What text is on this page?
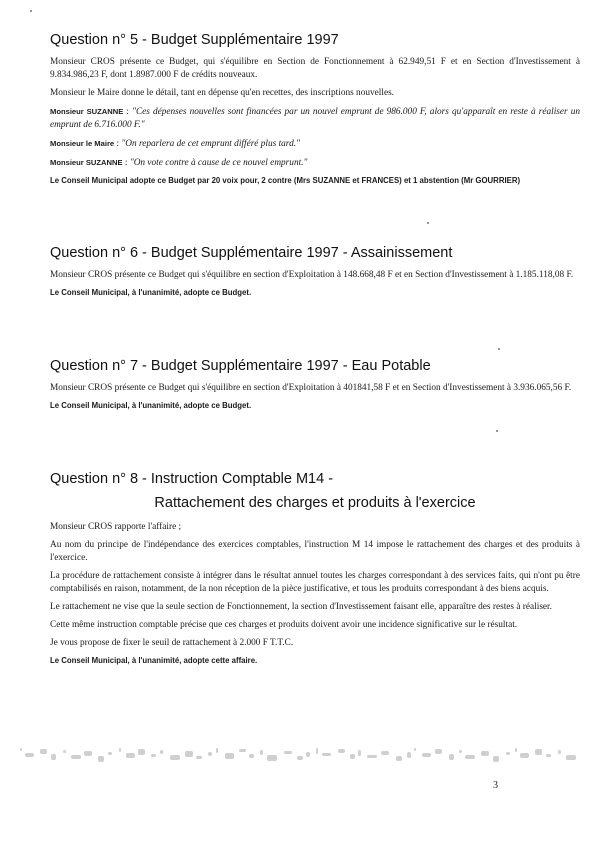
Question n° 5 - Budget Supplémentaire 1997

Monsieur CROS présente ce Budget, qui s'équilibre en Section de Fonctionnement à 62.949,51 F et en Section d'Investissement à 9.834.986,23 F, dont 1.8987.000 F de crédits nouveaux.

Monsieur le Maire donne le détail, tant en dépense qu'en recettes, des inscriptions nouvelles.

Monsieur SUZANNE : "Ces dépenses nouvelles sont financées par un nouvel emprunt de 986.000 F, alors qu'apparaît en reste à réaliser un emprunt de 6.716.000 F."

Monsieur le Maire : "On reparlera de cet emprunt différé plus tard."

Monsieur SUZANNE : "On vote contre à cause de ce nouvel emprunt."

Le Conseil Municipal adopte ce Budget par 20 voix pour, 2 contre (Mrs SUZANNE et FRANCES) et 1 abstention (Mr GOURRIER)

Question n° 6 - Budget Supplémentaire 1997 - Assainissement

Monsieur CROS présente ce Budget qui s'équilibre en section d'Exploitation à 148.668,48 F et en Section d'Investissement à 1.185.118,08 F.

Le Conseil Municipal, à l'unanimité, adopte ce Budget.

Question n° 7 - Budget Supplémentaire 1997 - Eau Potable

Monsieur CROS présente ce Budget qui s'équilibre en section d'Exploitation à 401841,58 F et en Section d'Investissement à 3.936.065,56 F.

Le Conseil Municipal, à l'unanimité, adopte ce Budget.

Question n° 8 - Instruction Comptable M14 -
Rattachement des charges et produits à l'exercice

Monsieur CROS rapporte l'affaire ;

Au nom du principe de l'indépendance des exercices comptables, l'instruction M 14 impose le rattachement des charges et des produits à l'exercice.

La procédure de rattachement consiste à intégrer dans le résultat annuel toutes les charges correspondant à des services faits, qui n'ont pu être comptabilisés en raison, notamment, de la non réception de la pièce justificative, et tous les produits correspondant à des biens acquis.

Le rattachement ne vise que la seule section de Fonctionnement, la section d'Investissement faisant elle, apparaître des restes à réaliser.

Cette même instruction comptable précise que ces charges et produits doivent avoir une incidence significative sur le résultat.

Je vous propose de fixer le seuil de rattachement à 2.000 F T.T.C.

Le Conseil Municipal, à l'unanimité, adopte cette affaire.

3
